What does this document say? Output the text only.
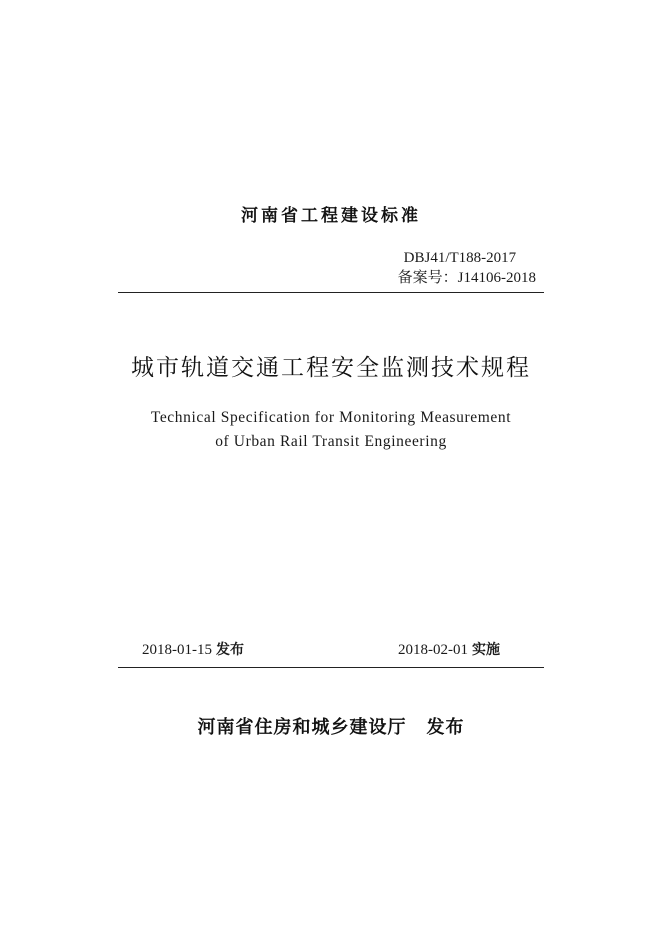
河南省工程建设标准
DBJ41/T188-2017
备案号：J14106-2018
城市轨道交通工程安全监测技术规程
Technical Specification for Monitoring Measurement
of Urban Rail Transit Engineering
2018-01-15 发布	2018-02-01 实施
河南省住房和城乡建设厅 发布
